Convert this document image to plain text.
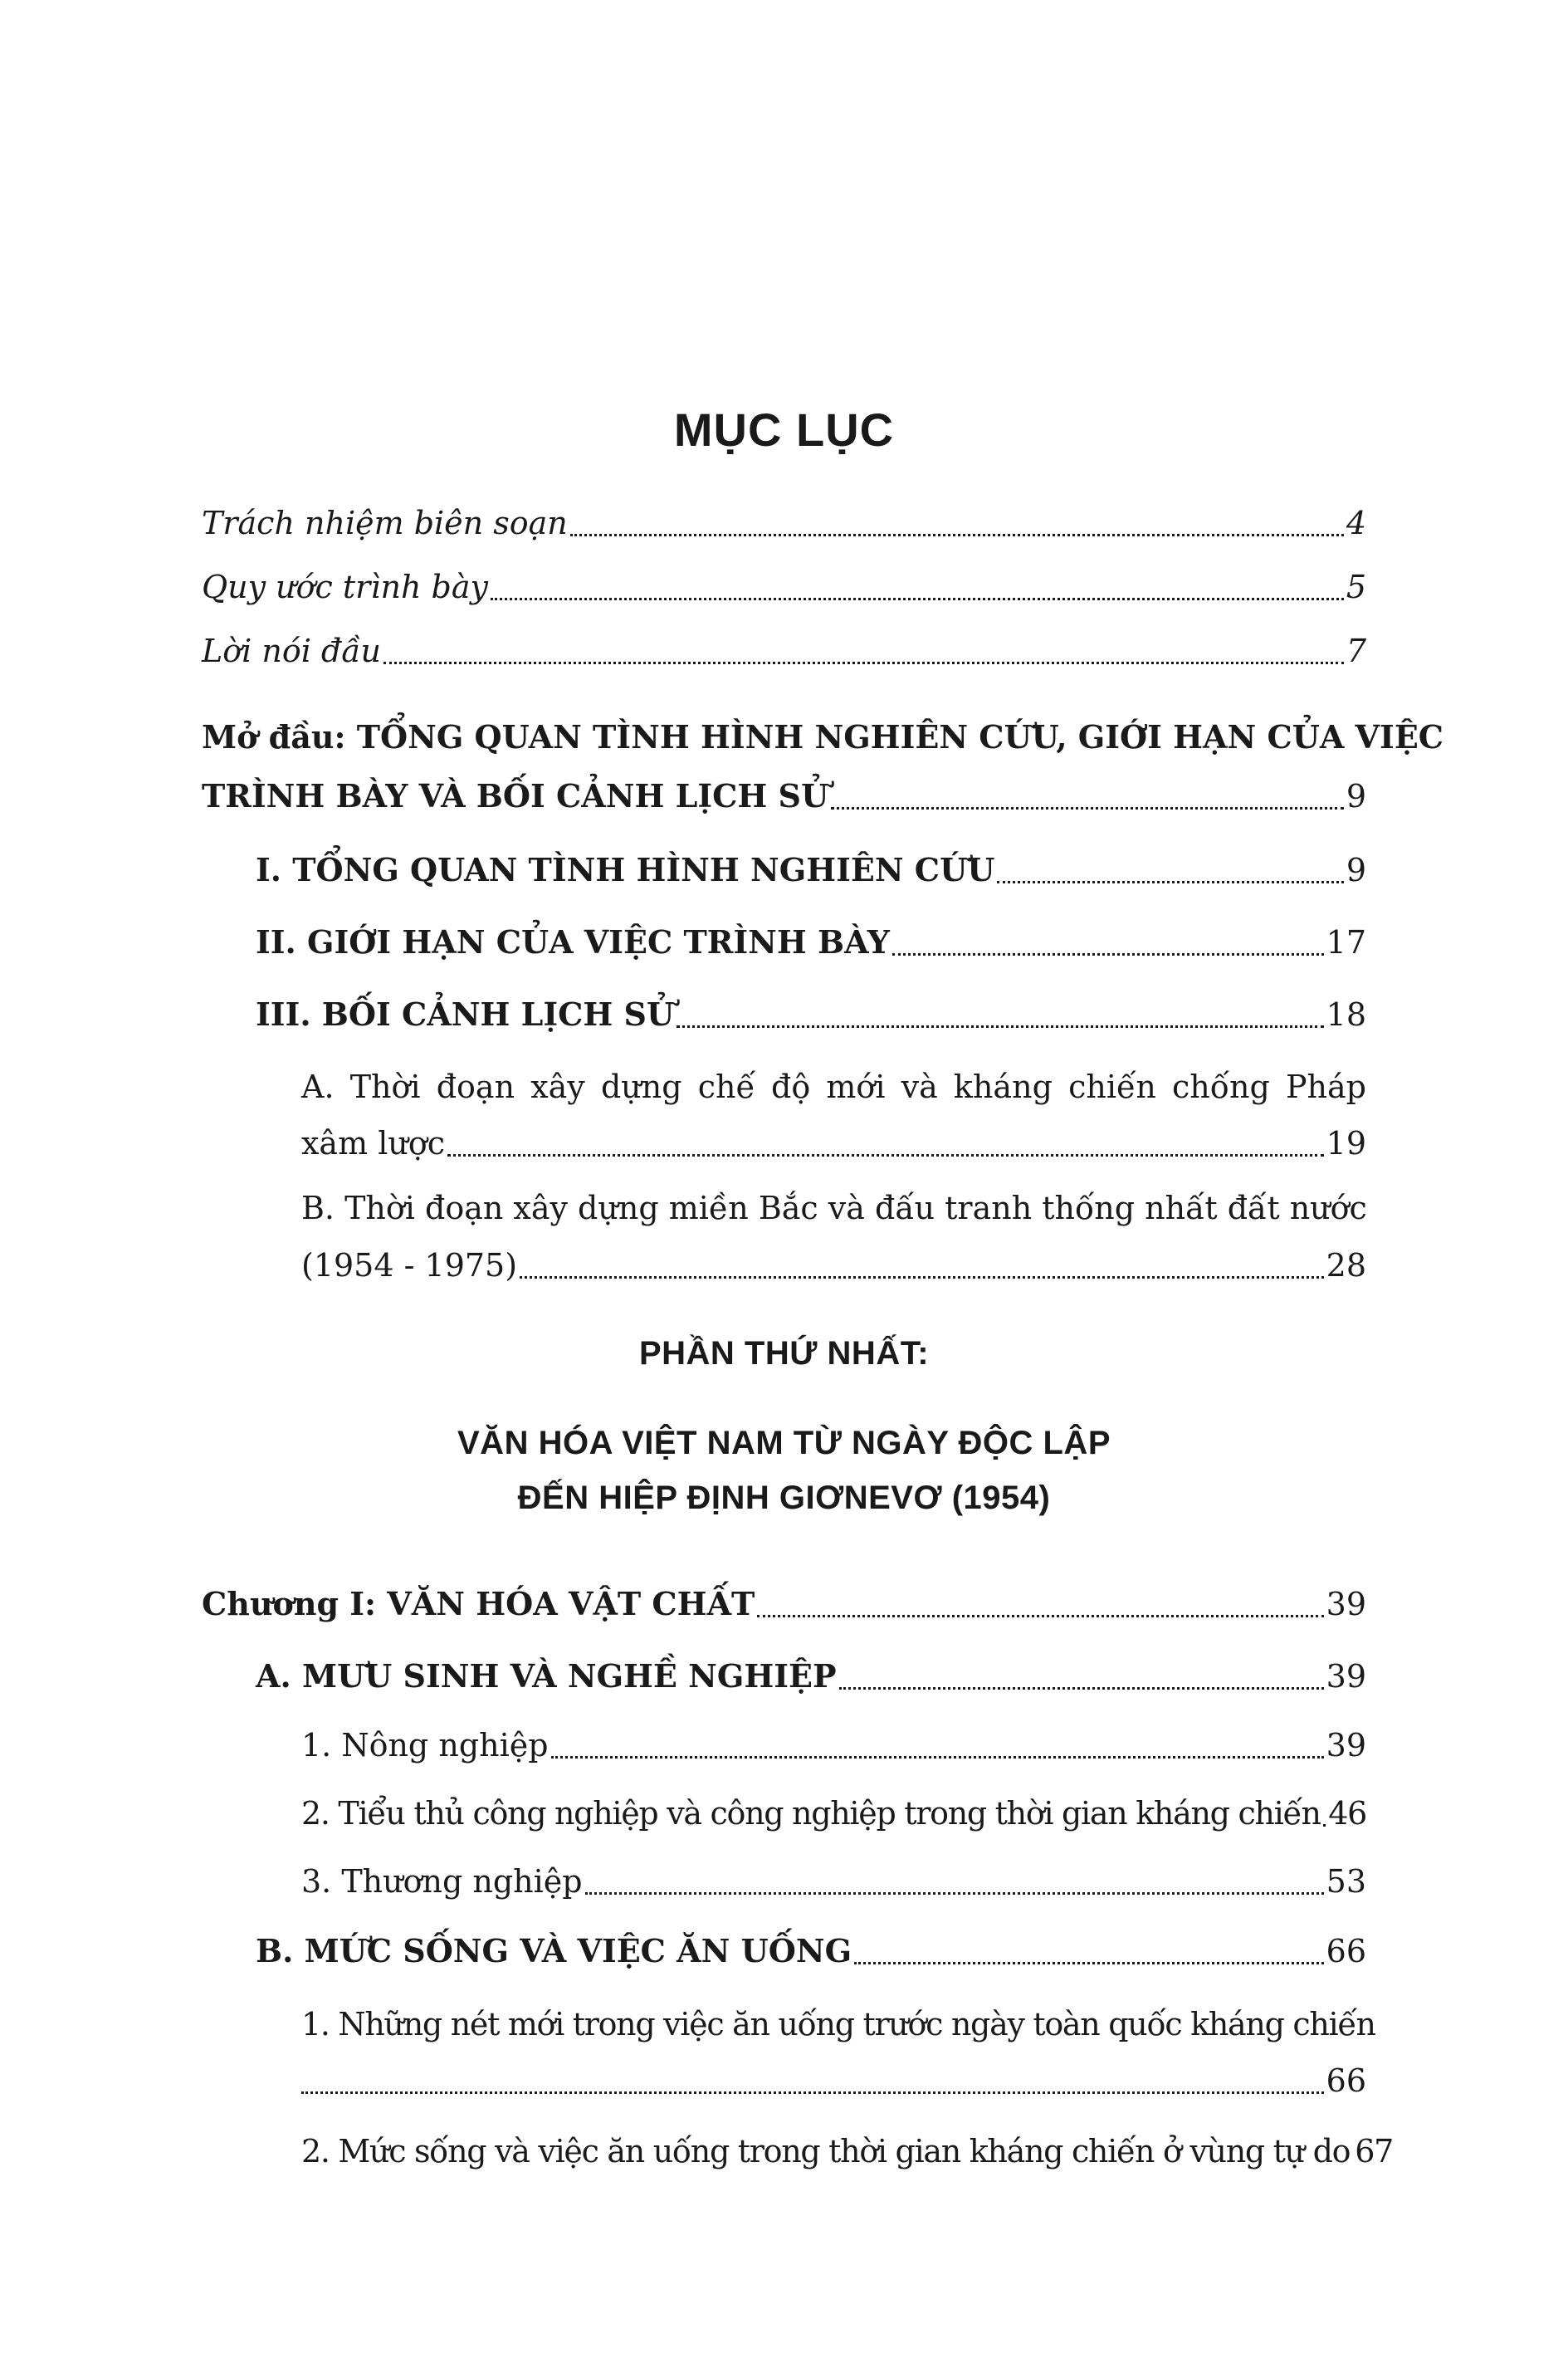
MỤC LỤC
Trách nhiệm biên soạn	4
Quy ước trình bày	5
Lời nói đầu	7
Mở đầu: TỔNG QUAN TÌNH HÌNH NGHIÊN CỨU, GIỚI HẠN CỦA VIỆC
TRÌNH BÀY VÀ BỐI CẢNH LỊCH SỬ	9
I. TỔNG QUAN TÌNH HÌNH NGHIÊN CỨU	9
II. GIỚI HẠN CỦA VIỆC TRÌNH BÀY	17
III. BỐI CẢNH LỊCH SỬ	18
A. Thời đoạn xây dựng chế độ mới và kháng chiến chống Pháp
xâm lược	19
B. Thời đoạn xây dựng miền Bắc và đấu tranh thống nhất đất nước
(1954 - 1975)	28
PHẦN THỨ NHẤT:
VĂN HÓA VIỆT NAM TỪ NGÀY ĐỘC LẬP
ĐẾN HIỆP ĐỊNH GIƠNEVƠ (1954)
Chương I: VĂN HÓA VẬT CHẤT	39
A. MƯU SINH VÀ NGHỀ NGHIỆP	39
1. Nông nghiệp	39
2. Tiểu thủ công nghiệp và công nghiệp trong thời gian kháng chiến 46
3. Thương nghiệp	53
B. MỨC SỐNG VÀ VIỆC ĂN UỐNG	66
1. Những nét mới trong việc ăn uống trước ngày toàn quốc kháng chiến
66
2. Mức sống và việc ăn uống trong thời gian kháng chiến ở vùng tự do 67
